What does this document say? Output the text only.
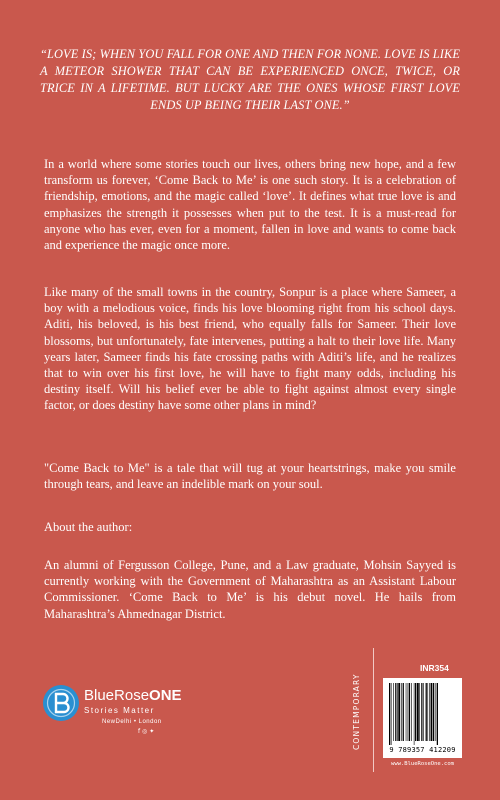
“LOVE IS; WHEN YOU FALL FOR ONE AND THEN FOR NONE. LOVE IS LIKE A METEOR SHOWER THAT CAN BE EXPERIENCED ONCE, TWICE, OR TRICE IN A LIFETIME. BUT LUCKY ARE THE ONES WHOSE FIRST LOVE ENDS UP BEING THEIR LAST ONE.”
In a world where some stories touch our lives, others bring new hope, and a few transform us forever, ‘Come Back to Me’ is one such story. It is a celebration of friendship, emotions, and the magic called ‘love’. It defines what true love is and emphasizes the strength it possesses when put to the test. It is a must-read for anyone who has ever, even for a moment, fallen in love and wants to come back and experience the magic once more.
Like many of the small towns in the country, Sonpur is a place where Sameer, a boy with a melodious voice, finds his love blooming right from his school days. Aditi, his beloved, is his best friend, who equally falls for Sameer. Their love blossoms, but unfortunately, fate intervenes, putting a halt to their love life. Many years later, Sameer finds his fate crossing paths with Aditi’s life, and he realizes that to win over his first love, he will have to fight many odds, including his destiny itself. Will his belief ever be able to fight against almost every single factor, or does destiny have some other plans in mind?
"Come Back to Me" is a tale that will tug at your heartstrings, make you smile through tears, and leave an indelible mark on your soul.
About the author:
An alumni of Fergusson College, Pune, and a Law graduate, Mohsin Sayyed is currently working with the Government of Maharashtra as an Assistant Labour Commissioner. ‘Come Back to Me’ is his debut novel. He hails from Maharashtra’s Ahmednagar District.
BlueRoseONE
Stories Matter
NewDelhi • London
f ◎ ✦	CONTEMPORARY
INR354
9 789357 412209
www.BlueRoseOne.com
